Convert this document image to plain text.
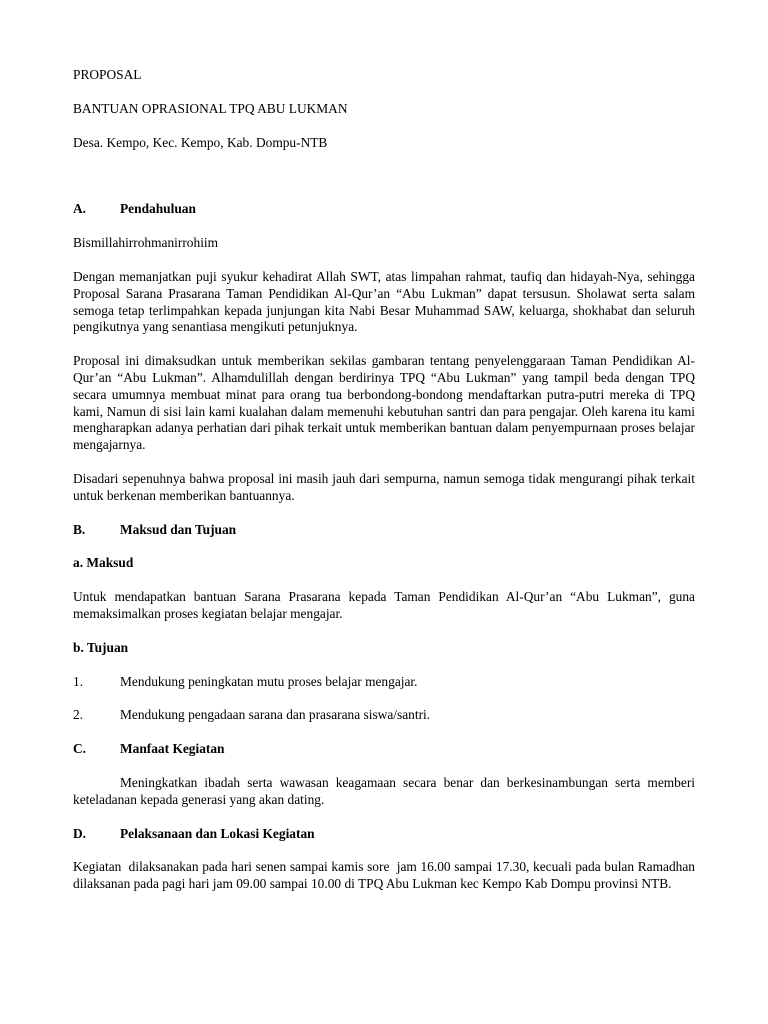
PROPOSAL

BANTUAN OPRASIONAL TPQ ABU LUKMAN

Desa. Kempo, Kec. Kempo, Kab. Dompu-NTB

A.	Pendahuluan

Bismillahirrohmanirrohiim

Dengan memanjatkan puji syukur kehadirat Allah SWT, atas limpahan rahmat, taufiq dan hidayah-Nya, sehingga Proposal Sarana Prasarana Taman Pendidikan Al-Qur’an “Abu Lukman” dapat tersusun. Sholawat serta salam semoga tetap terlimpahkan kepada junjungan kita Nabi Besar Muhammad SAW, keluarga, shokhabat dan seluruh pengikutnya yang senantiasa mengikuti petunjuknya.

Proposal ini dimaksudkan untuk memberikan sekilas gambaran tentang penyelenggaraan Taman Pendidikan Al-Qur’an “Abu Lukman”. Alhamdulillah dengan berdirinya TPQ “Abu Lukman” yang tampil beda dengan TPQ secara umumnya membuat minat para orang tua berbondong-bondong mendaftarkan putra-putri mereka di TPQ kami, Namun di sisi lain kami kualahan dalam memenuhi kebutuhan santri dan para pengajar. Oleh karena itu kami mengharapkan adanya perhatian dari pihak terkait untuk memberikan bantuan dalam penyempurnaan proses belajar mengajarnya.

Disadari sepenuhnya bahwa proposal ini masih jauh dari sempurna, namun semoga tidak mengurangi pihak terkait untuk berkenan memberikan bantuannya.

B.	Maksud dan Tujuan

a. Maksud

Untuk mendapatkan bantuan Sarana Prasarana kepada Taman Pendidikan Al-Qur’an “Abu Lukman”, guna memaksimalkan proses kegiatan belajar mengajar.

b. Tujuan

1.	Mendukung peningkatan mutu proses belajar mengajar.
2.	Mendukung pengadaan sarana dan prasarana siswa/santri.
C.	Manfaat Kegiatan

Meningkatkan ibadah serta wawasan keagamaan secara benar dan berkesinambungan serta memberi keteladanan kepada generasi yang akan dating.

D.	Pelaksanaan dan Lokasi Kegiatan

Kegiatan  dilaksanakan pada hari senen sampai kamis sore  jam 16.00 sampai 17.30, kecuali pada bulan Ramadhan dilaksanan pada pagi hari jam 09.00 sampai 10.00 di TPQ Abu Lukman kec Kempo Kab Dompu provinsi NTB.
